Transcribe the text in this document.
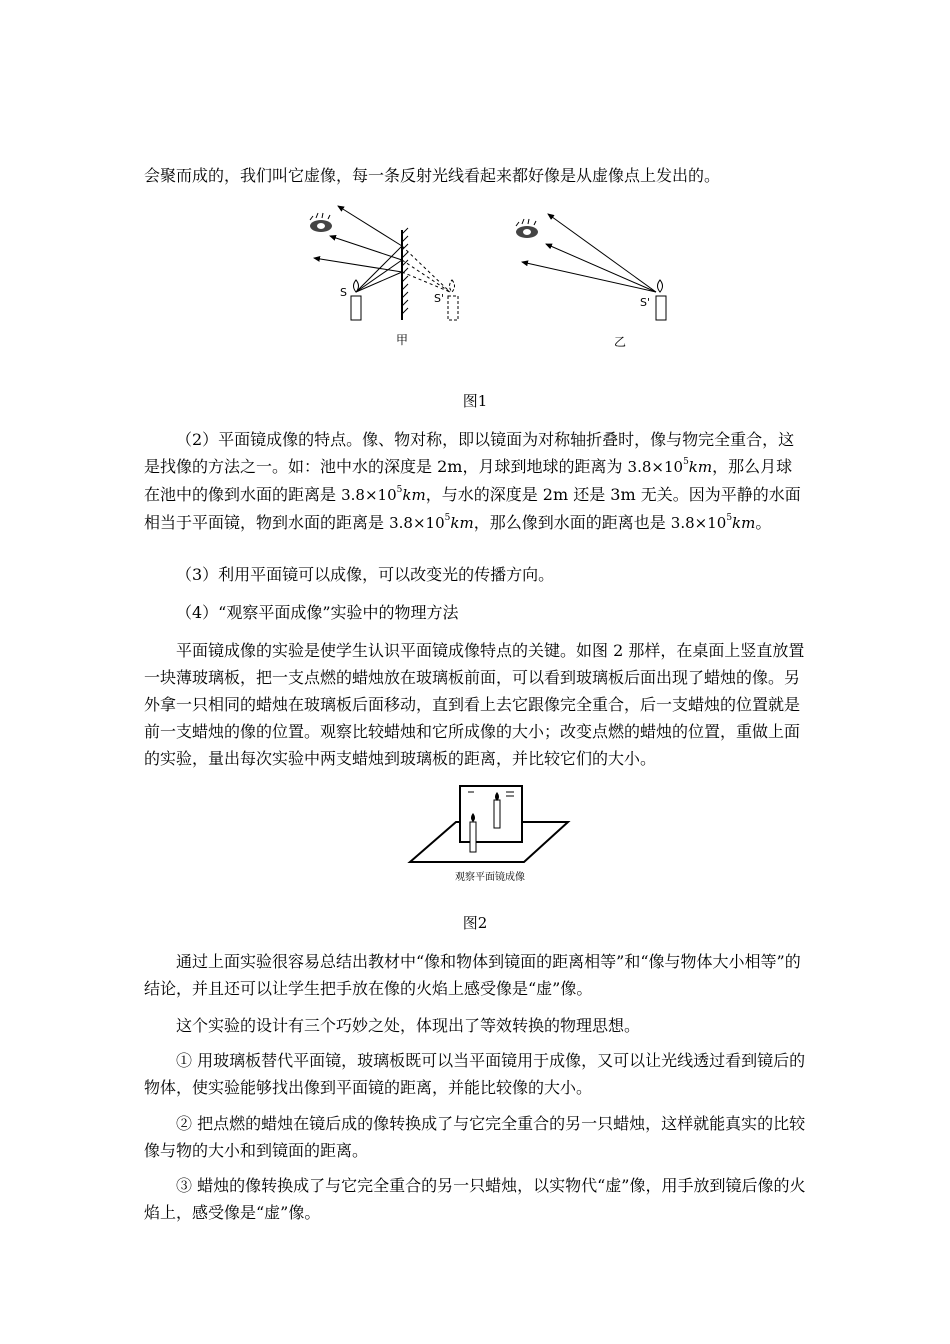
会聚而成的，我们叫它虚像，每一条反射光线看起来都好像是从虚像点上发出的。

S	S'
甲
S'
乙
图1

（2）平面镜成像的特点。像、物对称，即以镜面为对称轴折叠时，像与物完全重合，这是找像的方法之一。如：池中水的深度是 2m，月球到地球的距离为 $3.8\times 10^5km$，那么月球在池中的像到水面的距离是 $3.8\times 10^5km$，与水的深度是 2m 还是 3m 无关。因为平静的水面相当于平面镜，物到水面的距离是 $3.8\times 10^5km$，那么像到水面的距离也是 $3.8\times 10^5km$。

（3）利用平面镜可以成像，可以改变光的传播方向。

（4）“观察平面成像”实验中的物理方法

平面镜成像的实验是使学生认识平面镜成像特点的关键。如图 2 那样，在桌面上竖直放置一块薄玻璃板，把一支点燃的蜡烛放在玻璃板前面，可以看到玻璃板后面出现了蜡烛的像。另外拿一只相同的蜡烛在玻璃板后面移动，直到看上去它跟像完全重合，后一支蜡烛的位置就是前一支蜡烛的像的位置。观察比较蜡烛和它所成像的大小；改变点燃的蜡烛的位置，重做上面的实验，量出每次实验中两支蜡烛到玻璃板的距离，并比较它们的大小。

观察平面镜成像
图2

通过上面实验很容易总结出教材中“像和物体到镜面的距离相等”和“像与物体大小相等”的结论，并且还可以让学生把手放在像的火焰上感受像是“虚”像。

这个实验的设计有三个巧妙之处，体现出了等效转换的物理思想。

① 用玻璃板替代平面镜，玻璃板既可以当平面镜用于成像，又可以让光线透过看到镜后的物体，使实验能够找出像到平面镜的距离，并能比较像的大小。

② 把点燃的蜡烛在镜后成的像转换成了与它完全重合的另一只蜡烛，这样就能真实的比较像与物的大小和到镜面的距离。

③ 蜡烛的像转换成了与它完全重合的另一只蜡烛，以实物代“虚”像，用手放到镜后像的火焰上，感受像是“虚”像。
